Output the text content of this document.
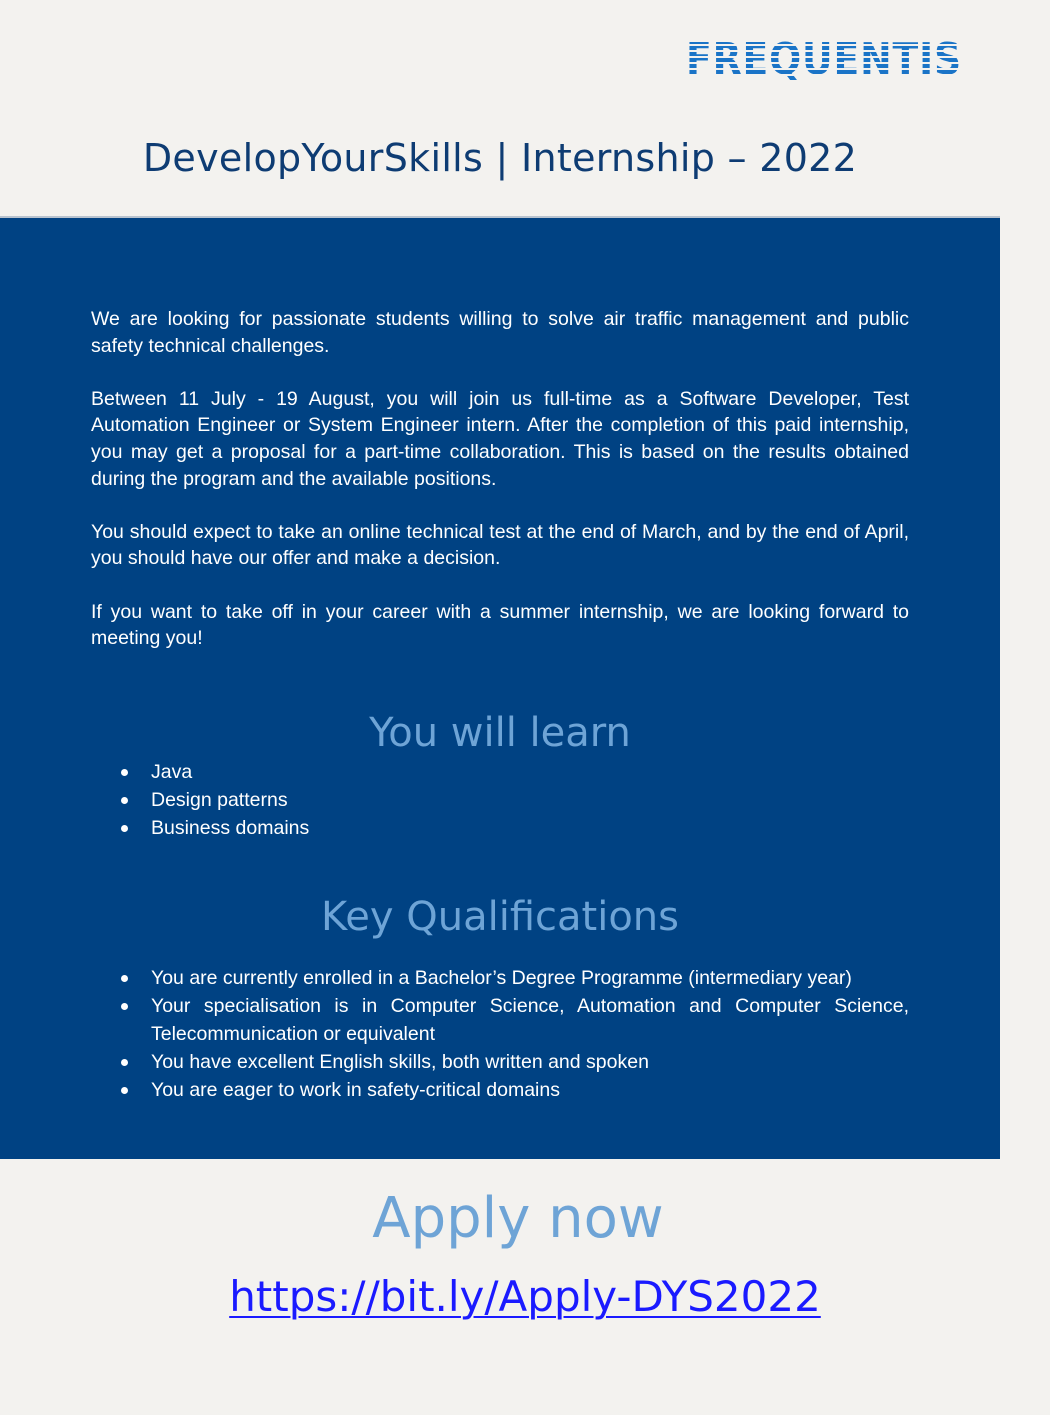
FREQUENTIS
DevelopYourSkills | Internship – 2022

We are looking for passionate students willing to solve air traffic management and public safety technical challenges.

Between 11 July - 19 August, you will join us full-time as a Software Developer, Test Automation Engineer or System Engineer intern. After the completion of this paid internship, you may get a proposal for a part-time collaboration. This is based on the results obtained during the program and the available positions.

You should expect to take an online technical test at the end of March, and by the end of April, you should have our offer and make a decision.

If you want to take off in your career with a summer internship, we are looking forward to meeting you!

You will learn
Java
Design patterns
Business domains
Key Qualifications
You are currently enrolled in a Bachelor’s Degree Programme (intermediary year)
Your specialisation is in Computer Science, Automation and Computer Science, Telecommunication or equivalent
You have excellent English skills, both written and spoken
You are eager to work in safety-critical domains
Apply now
https://bit.ly/Apply-DYS2022
